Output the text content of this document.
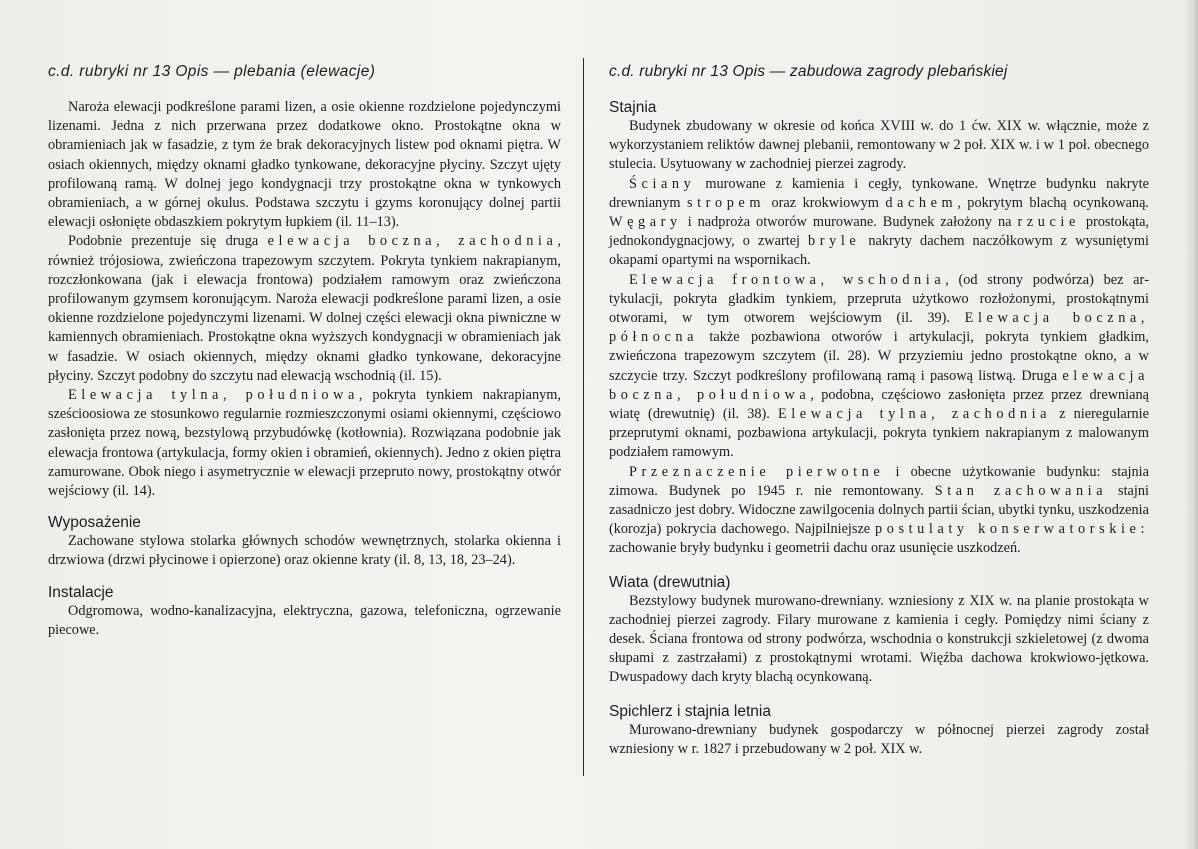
c.d. rubryki nr 13 Opis — plebania (elewacje)

Naroża elewacji podkreślone parami lizen, a osie okienne rozdzielone pojedynczymi lizenami. Jedna z nich przerwana przez dodatkowe okno. Prostokątne okna w obramieniach jak w fasadzie, z tym że brak dekoracyjnych listew pod oknami piętra. W osiach okiennych, między oknami gładko tynkowane, dekoracyjne płyciny. Szczyt ujęty profilowaną ramą. W dolnej jego kondygnacji trzy prostokątne okna w tynkowych obramieniach, a w górnej okulus. Podstawa szczytu i gzyms koronujący dolnej partii elewacji osłonięte obdaszkiem pokrytym łupkiem (il. 11–13).

Podobnie prezentuje się druga elewacja boczna, zachodnia, również trójosiowa, zwieńczona trapezowym szczytem. Pokryta tynkiem nakrapianym, rozczłonkowana (jak i elewacja frontowa) podziałem ramowym oraz zwieńczona profilowanym gzymsem koronującym. Naroża elewacji podkreślone parami lizen, a osie okienne rozdzielone pojedynczymi lizenami. W dolnej części elewacji okna piwniczne w kamiennych obramieniach. Prostokątne okna wyższych kondygnacji w obramieniach jak w fasadzie. W osiach okiennych, między oknami gładko tynkowane, dekoracyjne płyciny. Szczyt podobny do szczytu nad elewacją wschodnią (il. 15).

Elewacja tylna, południowa, pokryta tynkiem nakrapianym, sześcioosiowa ze stosunkowo regularnie rozmieszczonymi osiami okiennymi, częściowo zasłonięta przez nową, bezstylową przybudówkę (kotłownia). Rozwiązana podobnie jak elewacja frontowa (artykulacja, formy okien i obramień, okiennych). Jedno z okien piętra zamurowane. Obok niego i asymetrycznie w elewacji przepruto nowy, prostokątny otwór wejściowy (il. 14).

Wyposażenie

Zachowane stylowa stolarka głównych schodów wewnętrznych, stolarka okienna i drzwiowa (drzwi płycinowe i opierzone) oraz okienne kraty (il. 8, 13, 18, 23–24).

Instalacje

Odgromowa, wodno-kanalizacyjna, elektryczna, gazowa, telefoniczna, ogrzewanie piecowe.

c.d. rubryki nr 13 Opis — zabudowa zagrody plebańskiej
Stajnia

Budynek zbudowany w okresie od końca XVIII w. do 1 ćw. XIX w. włącznie, może z wykorzystaniem reliktów dawnej plebanii, remontowany w 2 poł. XIX w. i w 1 poł. obecnego stulecia. Usytuowany w zachodniej pierzei zagrody.

Ściany murowane z kamienia i cegły, tynkowane. Wnętrze budynku nakryte drewnianym stropem oraz krokwiowym dachem, pokrytym blachą ocynkowaną. Węgary i nadproża otworów murowane. Budynek założony na rzucie prostokąta, jednokondygnacjowy, o zwartej bryle nakryty dachem naczółkowym z wysuniętymi okapami opartymi na wspornikach.

Elewacja frontowa, wschodnia, (od strony podwórza) bez artykulacji, pokryta gładkim tynkiem, przepruta użytkowo rozłożonymi, prostokątnymi otworami, w tym otworem wejściowym (il. 39). Elewacja boczna, północna także pozbawiona otworów i artykulacji, pokryta tynkiem gładkim, zwieńczona trapezowym szczytem (il. 28). W przyziemiu jedno prostokątne okno, a w szczycie trzy. Szczyt podkreślony profilowaną ramą i pasową listwą. Druga elewacja boczna, południowa, podobna, częściowo zasłonięta przez przez drewnianą wiatę (drewutnię) (il. 38). Elewacja tylna, zachodnia z nieregularnie przeprutymi oknami, pozbawiona artykulacji, pokryta tynkiem nakrapianym z malowanym podziałem ramowym.

Przeznaczenie pierwotne i obecne użytkowanie budynku: stajnia zimowa. Budynek po 1945 r. nie remontowany. Stan zachowania stajni zasadniczo jest dobry. Widoczne zawilgocenia dolnych partii ścian, ubytki tynku, uszkodzenia (korozja) pokrycia dachowego. Najpilniejsze postulaty konserwatorskie: zachowanie bryły budynku i geometrii dachu oraz usunięcie uszkodzeń.

Wiata (drewutnia)

Bezstylowy budynek murowano-drewniany. wzniesiony z XIX w. na planie prostokąta w zachodniej pierzei zagrody. Filary murowane z kamienia i cegły. Pomiędzy nimi ściany z desek. Ściana frontowa od strony podwórza, wschodnia o konstrukcji szkieletowej (z dwoma słupami z zastrzałami) z prostokątnymi wrotami. Więźba dachowa krokwiowo-jętkowa. Dwuspadowy dach kryty blachą ocynkowaną.

Spichlerz i stajnia letnia

Murowano-drewniany budynek gospodarczy w północnej pierzei zagrody został wzniesiony w r. 1827 i przebudowany w 2 poł. XIX w.
